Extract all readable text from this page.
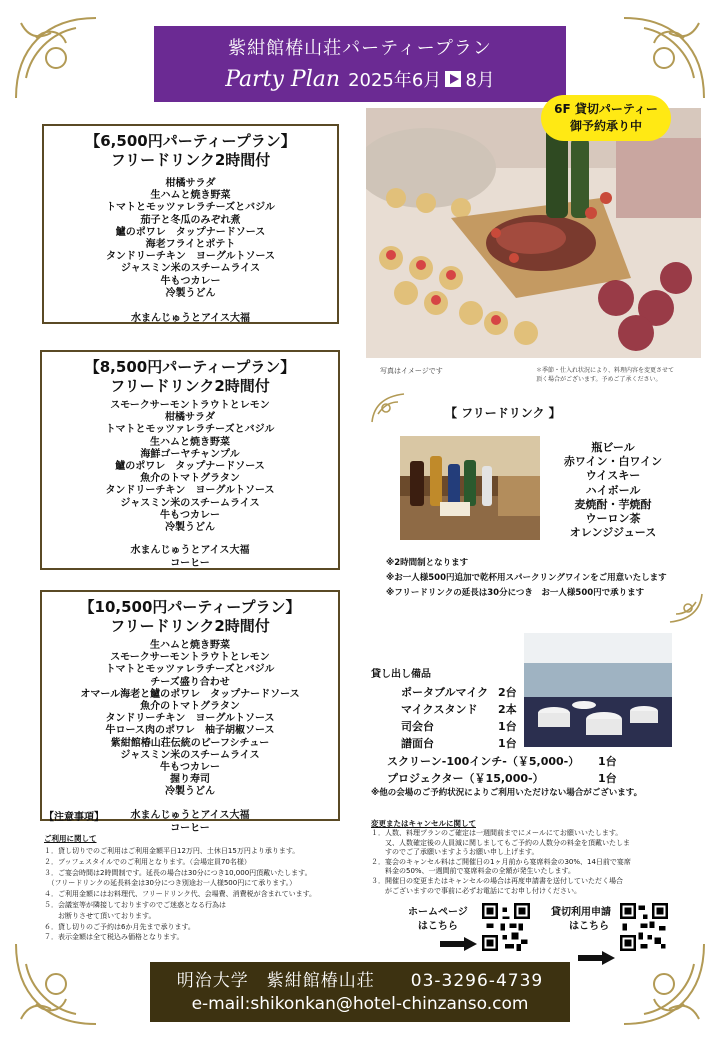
紫紺館椿山荘パーティープラン
Party Plan 2025年6月 8月
6F 貸切パーティー
御予約承り中
写真はイメージです	＊季節・仕入れ状況により、料理内容を変更させて
頂く場合がございます。予めご了承ください。
【6,500円パーティープラン】
フリードリンク2時間付
柑橘サラダ
生ハムと焼き野菜
トマトとモッツァレラチーズとバジル
茄子と冬瓜のみぞれ煮
鱸のポワレ　タップナードソース
海老フライとポテト
タンドリーチキン　ヨーグルトソース
ジャスミン米のスチームライス
牛もつカレー
冷製うどん
水まんじゅうとアイス大福
【8,500円パーティープラン】
フリードリンク2時間付
スモークサーモントラウトとレモン
柑橘サラダ
トマトとモッツァレラチーズとバジル
生ハムと焼き野菜
海鮮ゴーヤチャンプル
鱸のポワレ　タップナードソース
魚介のトマトグラタン
タンドリーチキン　ヨーグルトソース
ジャスミン米のスチームライス
牛もつカレー
冷製うどん
水まんじゅうとアイス大福
コーヒー
【10,500円パーティープラン】
フリードリンク2時間付
生ハムと焼き野菜
スモークサーモントラウトとレモン
トマトとモッツァレラチーズとバジル
チーズ盛り合わせ
オマール海老と鱸のポワレ　タップナードソース
魚介のトマトグラタン
タンドリーチキン　ヨーグルトソース
牛ロース肉のポワレ　柚子胡椒ソース
紫紺館椿山荘伝統のビーフシチュー
ジャスミン米のスチームライス
牛もつカレー
握り寿司
冷製うどん
水まんじゅうとアイス大福
コーヒー
【 フリードリンク 】
瓶ビール
赤ワイン・白ワイン
ウイスキー
ハイボール
麦焼酎・芋焼酎
ウーロン茶
オレンジジュース
※2時間制となります
※お一人様500円追加で乾杯用スパークリングワインをご用意いたします
※フリードリンクの延長は30分につき　お一人様500円で承ります
貸し出し備品
ポータブルマイク 2台
マイクスタンド 2本
司会台	1台
譜面台	1台
スクリーン-100インチ-（￥5,000-） 1台
プロジェクター（￥15,000-）	1台
※他の会場のご予約状況によりご利用いただけない場合がございます。
【注意事項】
ご利用に関して
１．貸し切りでのご利用はご利用金額平日12万円、土休日15万円より承ります。
２．ブッフェスタイルでのご利用となります。（会場定員70名様）
３．ご宴会時間は2時間制です。延長の場合は30分につき10,000円頂戴いたします。
　（フリードリンクの延長料金は30分につき別途お一人様500円にて承ります。）
４．ご利用金額にはお料理代、フリードリンク代、会場費、消費税が含まれています。
５．会議室等が隣接しておりますのでご迷惑となる行為は
　　お断りさせて頂いております。
６．貸し切りのご予約は6か月先まで承ります。
７．表示金額は全て税込み価格となります。
変更またはキャンセルに関して
１．人数、料理プランのご確定は一週間前までにメールにてお願いいたします。
　　又、人数確定後の人員減に関しましてもご予約の人数分の料金を頂戴いたしま
　　すのでご了承願いますようお願い申し上げます。
２．宴会のキャンセル料はご開催日の1ヶ月前から宴席料金の30%、14日前で宴席
　　料金の50%、一週間前で宴席料金の全額が発生いたします。
３．開催日の変更またはキャンセルの場合は再度申請書を送付していただく場合
　　がございますので事前に必ずお電話にてお申し付けください。
ホームページ
はこちら
貸切利用申請
はこちら
明治大学　紫紺館椿山荘　　03-3296-4739
e-mail:shikonkan@hotel-chinzanso.com
